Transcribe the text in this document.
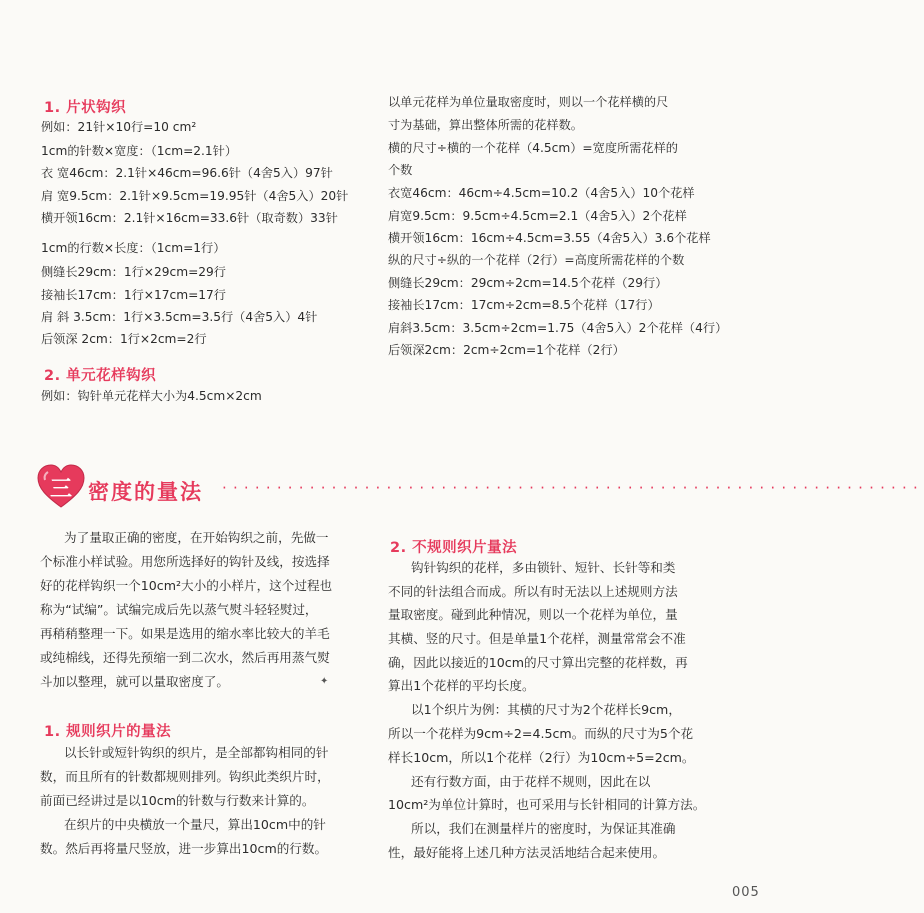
1. 片状钩织
例如：21针×10行=10 cm²
1cm的针数×宽度：（1cm=2.1针）
衣 宽46cm：2.1针×46cm=96.6针（4舍5入）97针
肩 宽9.5cm：2.1针×9.5cm=19.95针（4舍5入）20针
横开领16cm：2.1针×16cm=33.6针（取奇数）33针
1cm的行数×长度：（1cm=1行）
侧缝长29cm：1行×29cm=29行
接袖长17cm：1行×17cm=17行
肩 斜 3.5cm：1行×3.5cm=3.5行（4舍5入）4针
后领深 2cm：1行×2cm=2行
2. 单元花样钩织
例如：钩针单元花样大小为4.5cm×2cm
以单元花样为单位量取密度时，则以一个花样横的尺
寸为基础，算出整体所需的花样数。
横的尺寸÷横的一个花样（4.5cm）=宽度所需花样的
个数
衣宽46cm：46cm÷4.5cm=10.2（4舍5入）10个花样
肩宽9.5cm：9.5cm÷4.5cm=2.1（4舍5入）2个花样
横开领16cm：16cm÷4.5cm=3.55（4舍5入）3.6个花样
纵的尺寸÷纵的一个花样（2行）=高度所需花样的个数
侧缝长29cm：29cm÷2cm=14.5个花样（29行）
接袖长17cm：17cm÷2cm=8.5个花样（17行）
肩斜3.5cm：3.5cm÷2cm=1.75（4舍5入）2个花样（4行）
后领深2cm：2cm÷2cm=1个花样（2行）
三 密度的量法 ································································
为了量取正确的密度，在开始钩织之前，先做一
个标准小样试验。用您所选择好的钩针及线，按选择
好的花样钩织一个10cm²大小的小样片，这个过程也
称为“试编”。试编完成后先以蒸气熨斗轻轻熨过，
再稍稍整理一下。如果是选用的缩水率比较大的羊毛
或纯棉线，还得先预缩一到二次水，然后再用蒸气熨
斗加以整理，就可以量取密度了。	✦
1. 规则织片的量法
以长针或短针钩织的织片，是全部都钩相同的针
数，而且所有的针数都规则排列。钩织此类织片时，
前面已经讲过是以10cm的针数与行数来计算的。
在织片的中央横放一个量尺，算出10cm中的针
数。然后再将量尺竖放，进一步算出10cm的行数。
2. 不规则织片量法
钩针钩织的花样，多由锁针、短针、长针等和类
不同的针法组合而成。所以有时无法以上述规则方法
量取密度。碰到此种情况，则以一个花样为单位，量
其横、竖的尺寸。但是单量1个花样，测量常常会不准
确，因此以接近的10cm的尺寸算出完整的花样数，再
算出1个花样的平均长度。
以1个织片为例：其横的尺寸为2个花样长9cm，
所以一个花样为9cm÷2=4.5cm。而纵的尺寸为5个花
样长10cm，所以1个花样（2行）为10cm÷5=2cm。
还有行数方面，由于花样不规则，因此在以
10cm²为单位计算时，也可采用与长针相同的计算方法。
所以，我们在测量样片的密度时，为保证其准确
性，最好能将上述几种方法灵活地结合起来使用。
005
